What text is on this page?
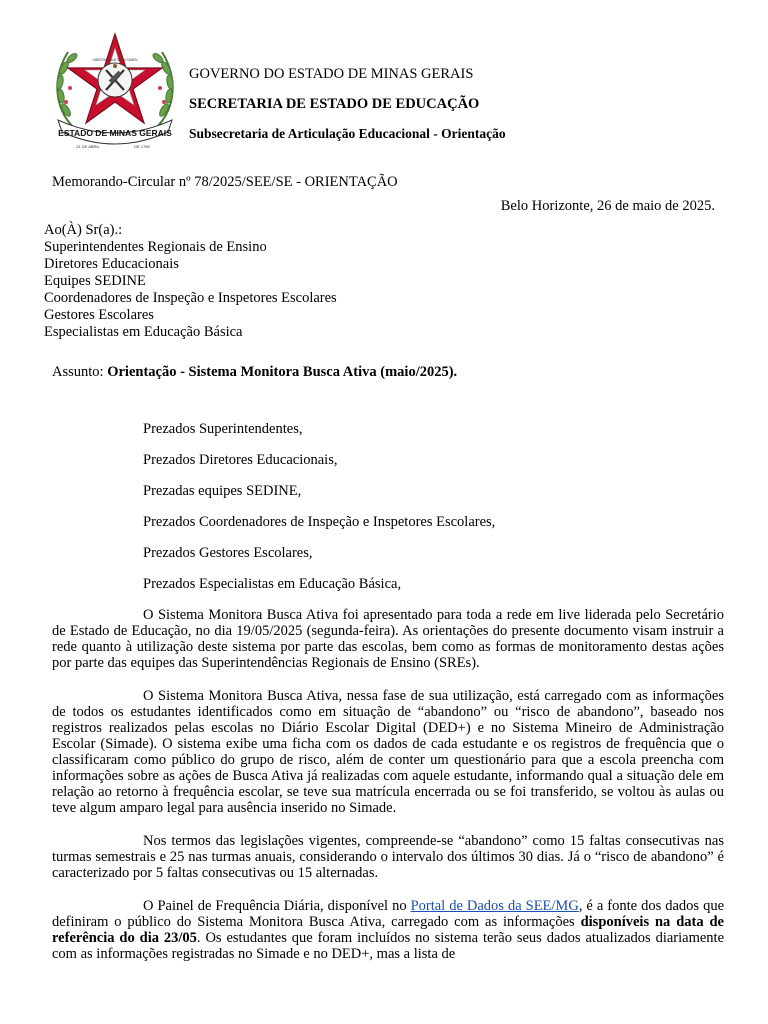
ESTADO DE MINAS GERAIS
LIBERTAS QUÆ SERA TAMEN
21 DE ABRIL	DE 1789
GOVERNO DO ESTADO DE MINAS GERAIS
SECRETARIA DE ESTADO DE EDUCAÇÃO
Subsecretaria de Articulação Educacional - Orientação
Memorando-Circular nº 78/2025/SEE/SE - ORIENTAÇÃO
Belo Horizonte, 26 de maio de 2025.
Ao(À) Sr(a).:
Superintendentes Regionais de Ensino
Diretores Educacionais
Equipes SEDINE
Coordenadores de Inspeção e Inspetores Escolares
Gestores Escolares
Especialistas em Educação Básica
Assunto: Orientação - Sistema Monitora Busca Ativa (maio/2025).
Prezados Superintendentes,
Prezados Diretores Educacionais,
Prezadas equipes SEDINE,
Prezados Coordenadores de Inspeção e Inspetores Escolares,
Prezados Gestores Escolares,
Prezados Especialistas em Educação Básica,

O Sistema Monitora Busca Ativa foi apresentado para toda a rede em live liderada pelo Secretário de Estado de Educação, no dia 19/05/2025 (segunda-feira). As orientações do presente documento visam instruir a rede quanto à utilização deste sistema por parte das escolas, bem como as formas de monitoramento destas ações por parte das equipes das Superintendências Regionais de Ensino (SREs).

O Sistema Monitora Busca Ativa, nessa fase de sua utilização, está carregado com as informações de todos os estudantes identificados como em situação de “abandono” ou “risco de abandono”, baseado nos registros realizados pelas escolas no Diário Escolar Digital (DED+) e no Sistema Mineiro de Administração Escolar (Simade). O sistema exibe uma ficha com os dados de cada estudante e os registros de frequência que o classificaram como público do grupo de risco, além de conter um questionário para que a escola preencha com informações sobre as ações de Busca Ativa já realizadas com aquele estudante, informando qual a situação dele em relação ao retorno à frequência escolar, se teve sua matrícula encerrada ou se foi transferido, se voltou às aulas ou teve algum amparo legal para ausência inserido no Simade.

Nos termos das legislações vigentes, compreende-se “abandono” como 15 faltas consecutivas nas turmas semestrais e 25 nas turmas anuais, considerando o intervalo dos últimos 30 dias. Já o “risco de abandono” é caracterizado por 5 faltas consecutivas ou 15 alternadas.

O Painel de Frequência Diária, disponível no Portal de Dados da SEE/MG, é a fonte dos dados que definiram o público do Sistema Monitora Busca Ativa, carregado com as informações disponíveis na data de referência do dia 23/05. Os estudantes que foram incluídos no sistema terão seus dados atualizados diariamente com as informações registradas no Simade e no DED+, mas a lista de
